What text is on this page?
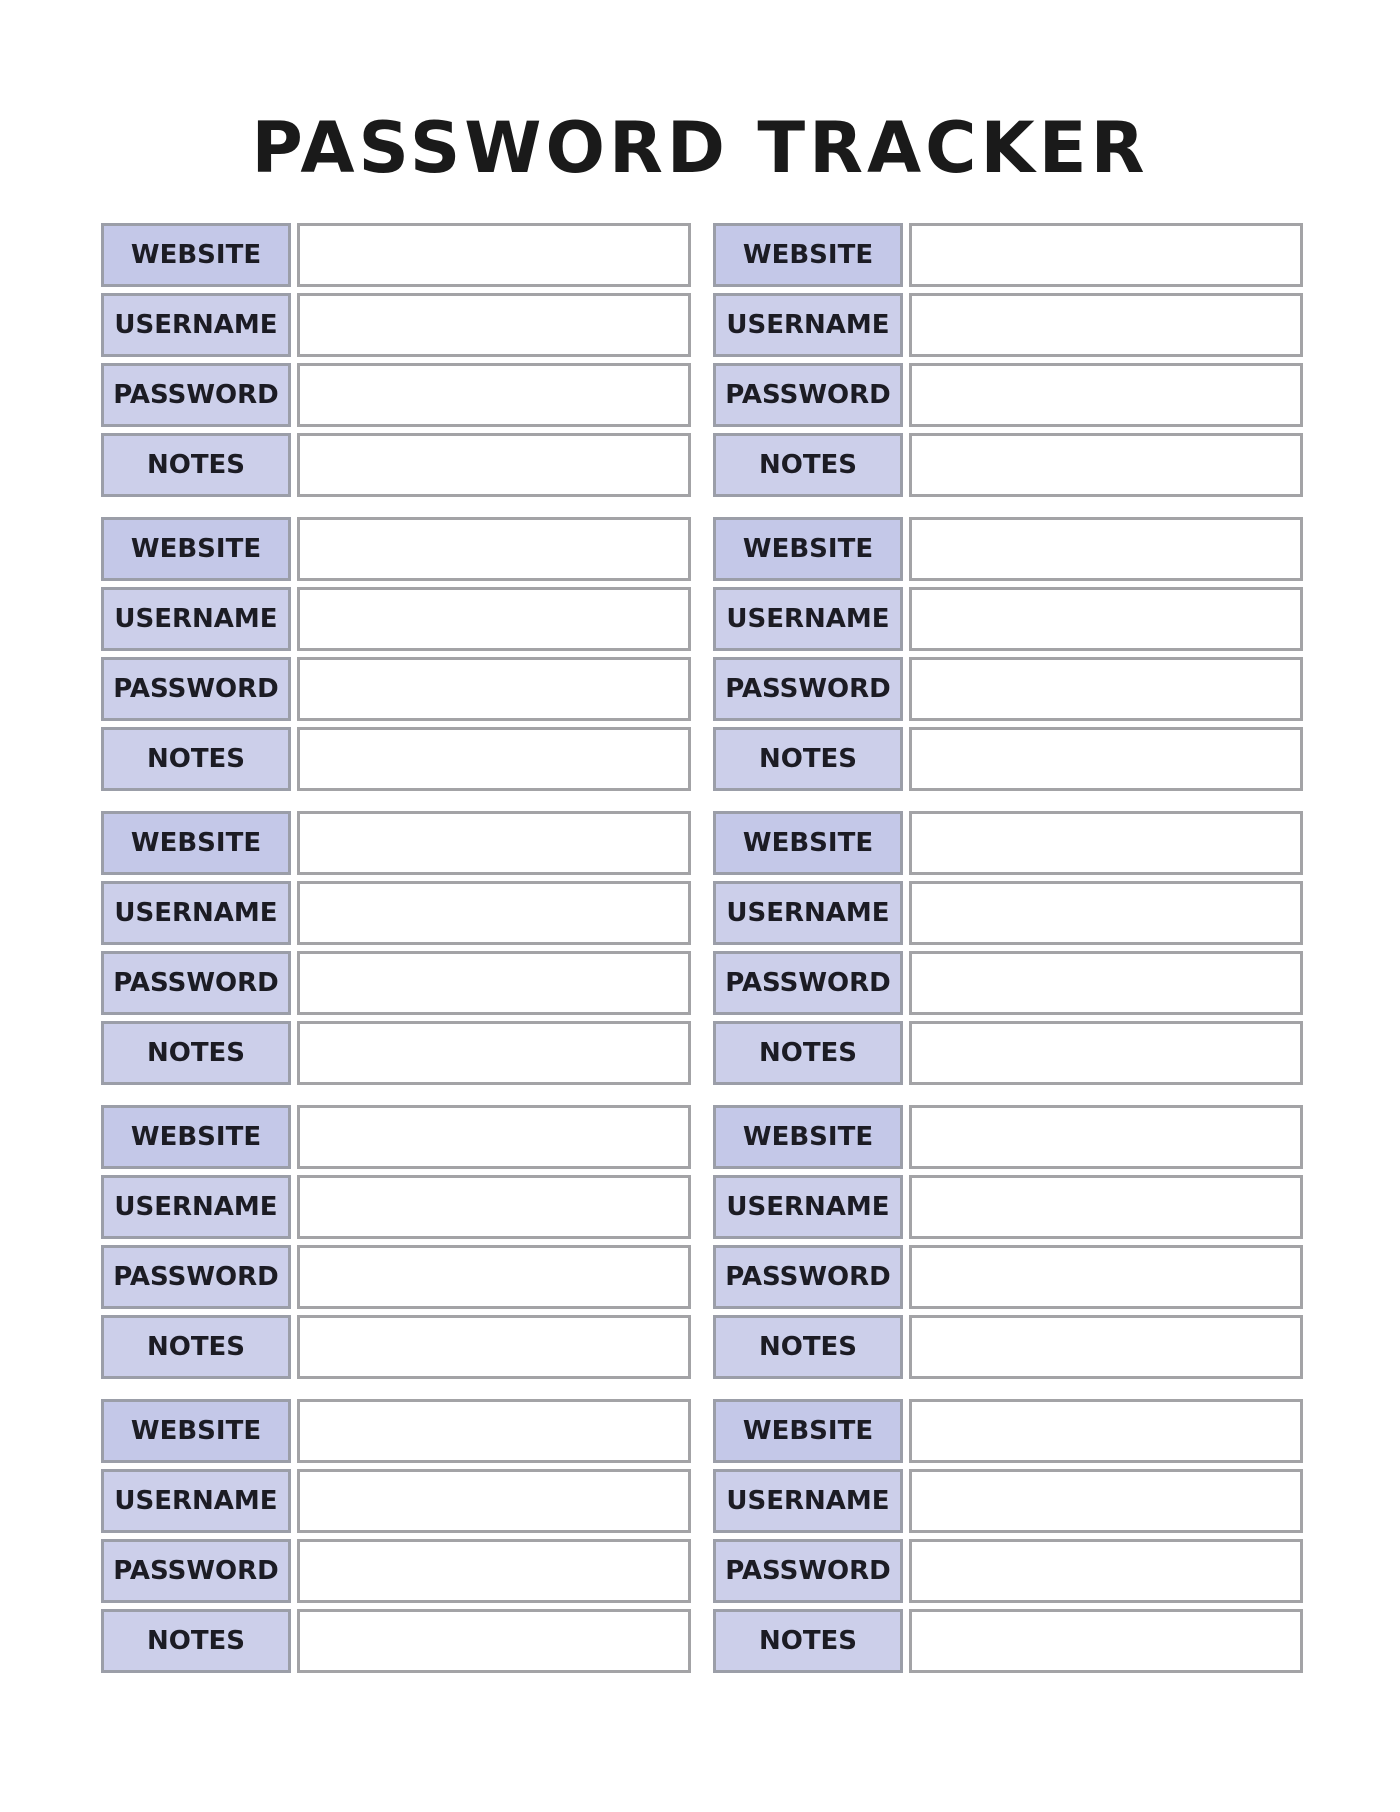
PASSWORD TRACKER
WEBSITE
USERNAME
PASSWORD
NOTES
WEBSITE
USERNAME
PASSWORD
NOTES
WEBSITE
USERNAME
PASSWORD
NOTES
WEBSITE
USERNAME
PASSWORD
NOTES
WEBSITE
USERNAME
PASSWORD
NOTES
WEBSITE
USERNAME
PASSWORD
NOTES
WEBSITE
USERNAME
PASSWORD
NOTES
WEBSITE
USERNAME
PASSWORD
NOTES
WEBSITE
USERNAME
PASSWORD
NOTES
WEBSITE
USERNAME
PASSWORD
NOTES
